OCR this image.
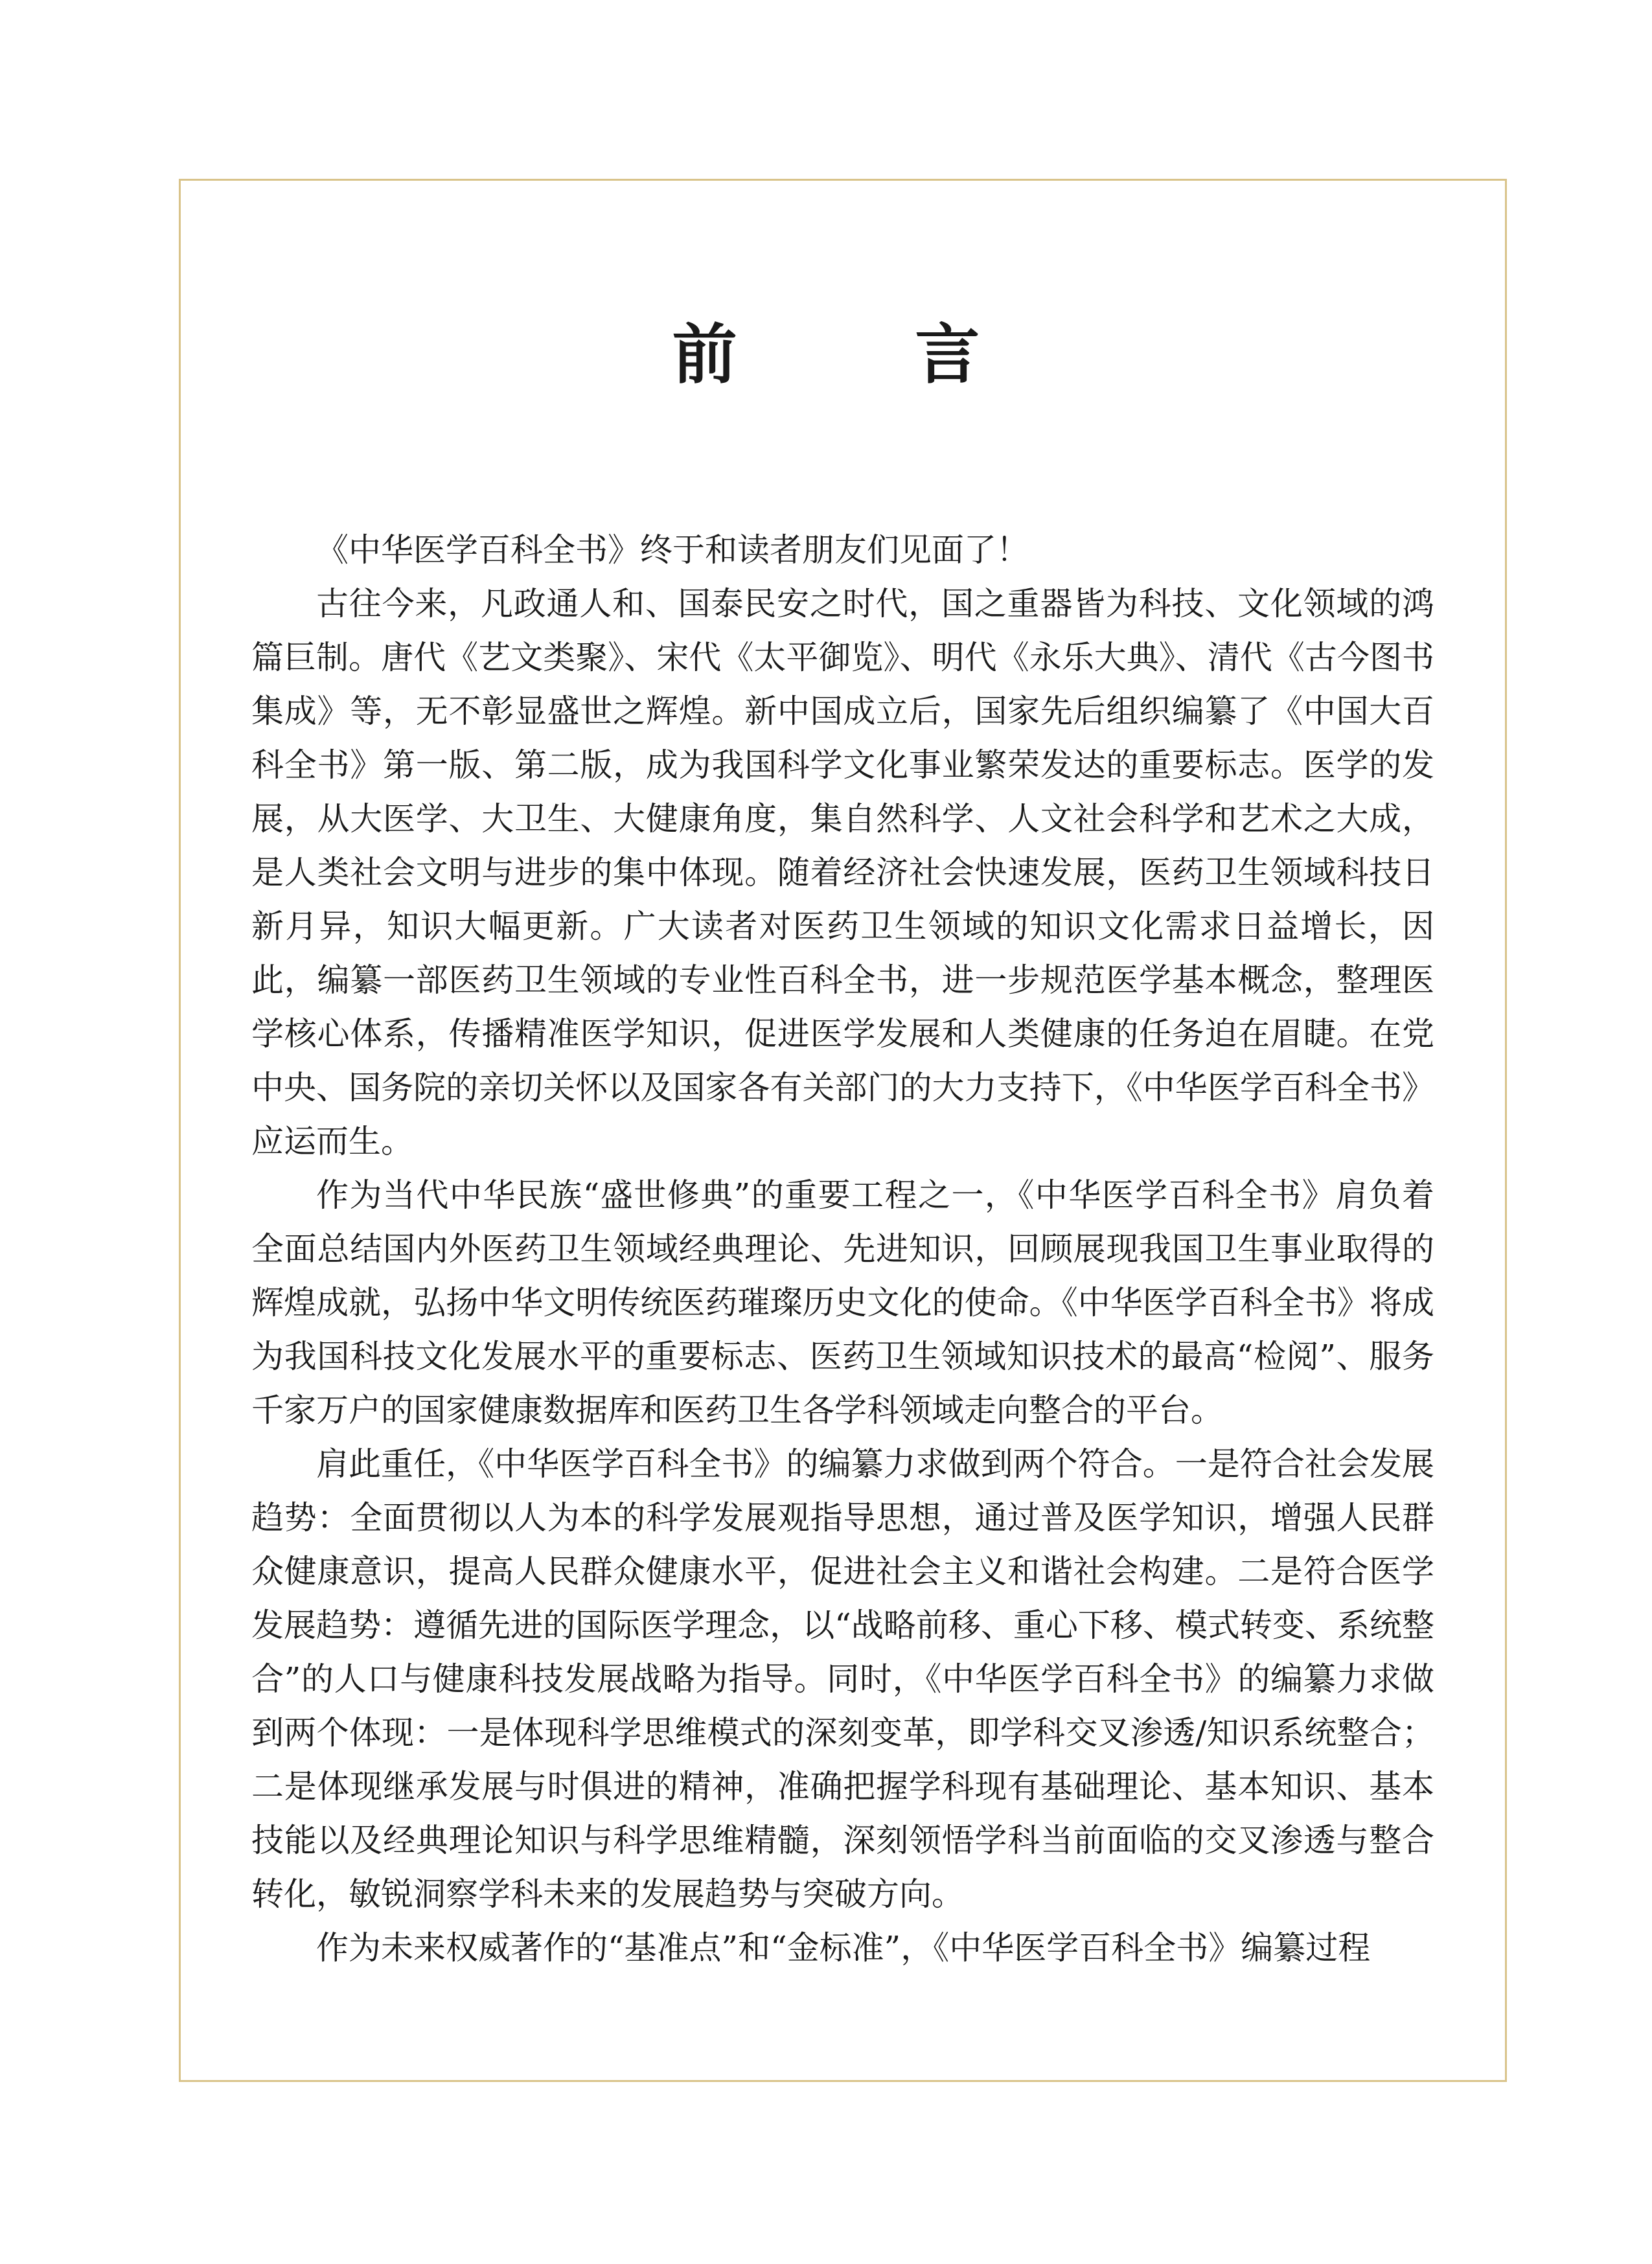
前 言

《中华医学百科全书》终于和读者朋友们见面了！

古往今来，凡政通人和、国泰民安之时代，国之重器皆为科技、文化领域的鸿篇巨制。唐代《艺文类聚》、宋代《太平御览》、明代《永乐大典》、清代《古今图书集成》等，无不彰显盛世之辉煌。新中国成立后，国家先后组织编纂了《中国大百科全书》第一版、第二版，成为我国科学文化事业繁荣发达的重要标志。医学的发展，从大医学、大卫生、大健康角度，集自然科学、人文社会科学和艺术之大成，是人类社会文明与进步的集中体现。随着经济社会快速发展，医药卫生领域科技日新月异，知识大幅更新。广大读者对医药卫生领域的知识文化需求日益增长，因此，编纂一部医药卫生领域的专业性百科全书，进一步规范医学基本概念，整理医学核心体系，传播精准医学知识，促进医学发展和人类健康的任务迫在眉睫。在党中央、国务院的亲切关怀以及国家各有关部门的大力支持下，《中华医学百科全书》应运而生。

作为当代中华民族“盛世修典”的重要工程之一，《中华医学百科全书》肩负着全面总结国内外医药卫生领域经典理论、先进知识，回顾展现我国卫生事业取得的辉煌成就，弘扬中华文明传统医药璀璨历史文化的使命。《中华医学百科全书》将成为我国科技文化发展水平的重要标志、医药卫生领域知识技术的最高“检阅”、服务千家万户的国家健康数据库和医药卫生各学科领域走向整合的平台。

肩此重任，《中华医学百科全书》的编纂力求做到两个符合。一是符合社会发展趋势：全面贯彻以人为本的科学发展观指导思想，通过普及医学知识，增强人民群众健康意识，提高人民群众健康水平，促进社会主义和谐社会构建。二是符合医学发展趋势：遵循先进的国际医学理念，以“战略前移、重心下移、模式转变、系统整合”的人口与健康科技发展战略为指导。同时，《中华医学百科全书》的编纂力求做到两个体现：一是体现科学思维模式的深刻变革，即学科交叉渗透/知识系统整合；二是体现继承发展与时俱进的精神，准确把握学科现有基础理论、基本知识、基本技能以及经典理论知识与科学思维精髓，深刻领悟学科当前面临的交叉渗透与整合转化，敏锐洞察学科未来的发展趋势与突破方向。

作为未来权威著作的“基准点”和“金标准”，《中华医学百科全书》编纂过程
